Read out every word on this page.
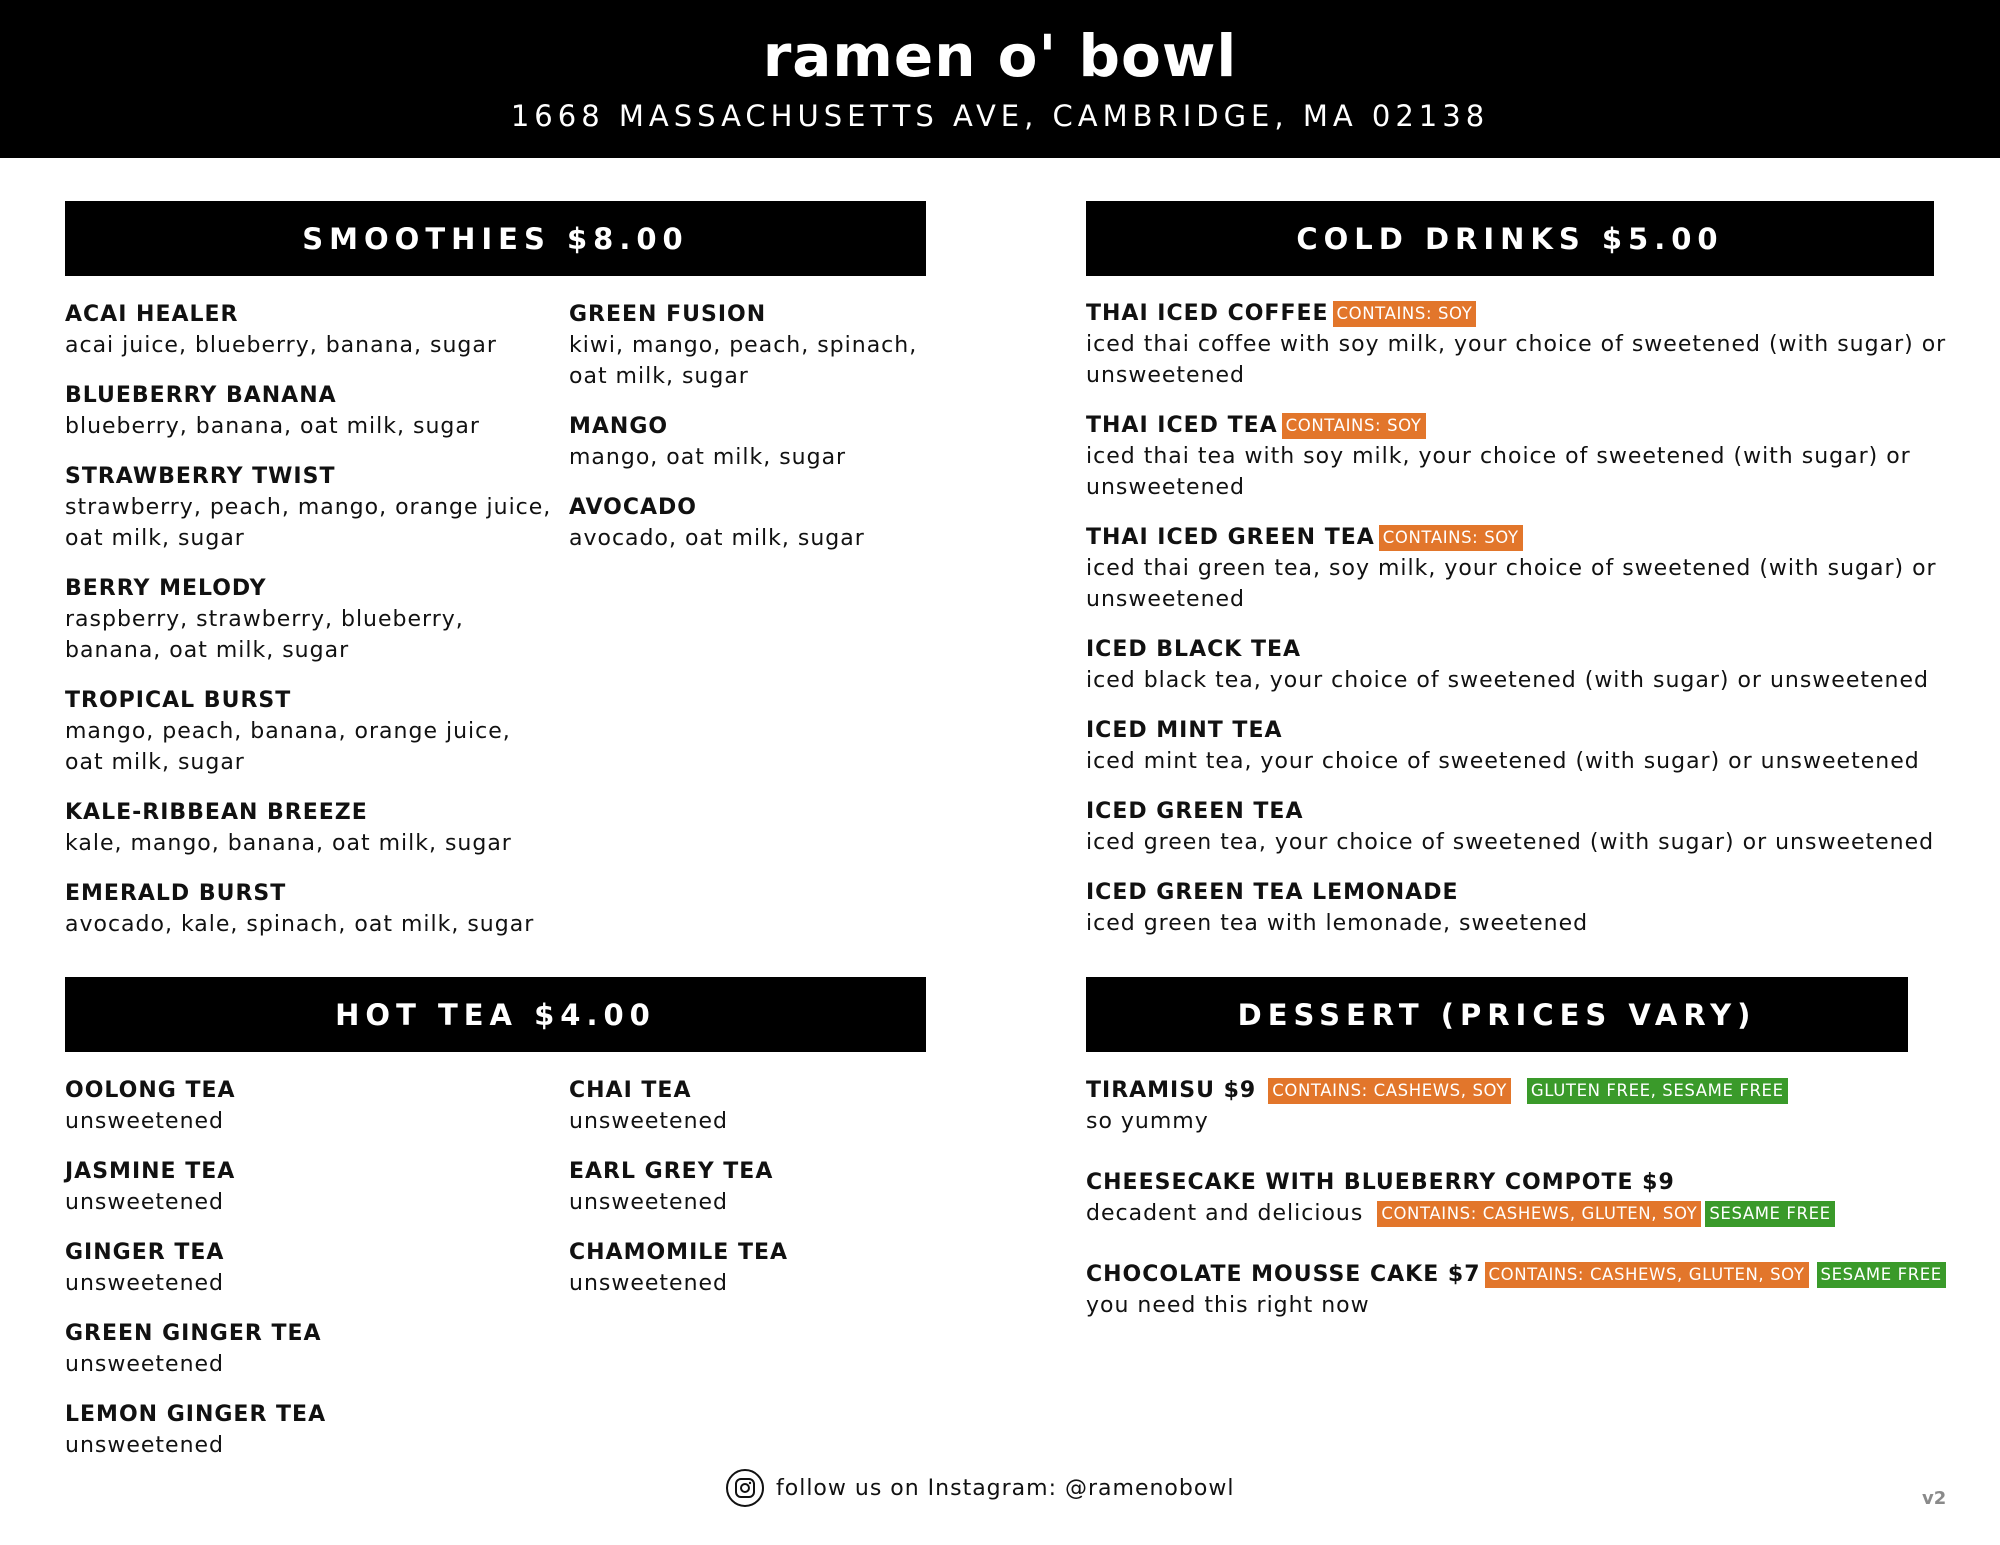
ramen o' bowl
1668 MASSACHUSETTS AVE, CAMBRIDGE, MA 02138
SMOOTHIES $8.00
ACAI HEALER
acai juice, blueberry, banana, sugar
BLUEBERRY BANANA
blueberry, banana, oat milk, sugar
STRAWBERRY TWIST
strawberry, peach, mango, orange juice, oat milk, sugar
BERRY MELODY
raspberry, strawberry, blueberry, banana, oat milk, sugar
TROPICAL BURST
mango, peach, banana, orange juice, oat milk, sugar
KALE-RIBBEAN BREEZE
kale, mango, banana, oat milk, sugar
EMERALD BURST
avocado, kale, spinach, oat milk, sugar
GREEN FUSION
kiwi, mango, peach, spinach, oat milk, sugar
MANGO
mango, oat milk, sugar
AVOCADO
avocado, oat milk, sugar
HOT TEA $4.00
OOLONG TEA
unsweetened
JASMINE TEA
unsweetened
GINGER TEA
unsweetened
GREEN GINGER TEA
unsweetened
LEMON GINGER TEA
unsweetened
CHAI TEA
unsweetened
EARL GREY TEA
unsweetened
CHAMOMILE TEA
unsweetened
COLD DRINKS $5.00
THAI ICED COFFEE CONTAINS: SOY
iced thai coffee with soy milk, your choice of sweetened (with sugar) or unsweetened
THAI ICED TEA CONTAINS: SOY
iced thai tea with soy milk, your choice of sweetened (with sugar) or unsweetened
THAI ICED GREEN TEA CONTAINS: SOY
iced thai green tea, soy milk, your choice of sweetened (with sugar) or unsweetened
ICED BLACK TEA
iced black tea, your choice of sweetened (with sugar) or unsweetened
ICED MINT TEA
iced mint tea, your choice of sweetened (with sugar) or unsweetened
ICED GREEN TEA
iced green tea, your choice of sweetened (with sugar) or unsweetened
ICED GREEN TEA LEMONADE
iced green tea with lemonade, sweetened
DESSERT (PRICES VARY)
TIRAMISU $9 CONTAINS: CASHEWS, SOY GLUTEN FREE, SESAME FREE
so yummy
CHEESECAKE WITH BLUEBERRY COMPOTE $9
decadent and delicious CONTAINS: CASHEWS, GLUTEN, SOY SESAME FREE
CHOCOLATE MOUSSE CAKE $7 CONTAINS: CASHEWS, GLUTEN, SOY SESAME FREE
you need this right now
follow us on Instagram: @ramenobowl	v2
